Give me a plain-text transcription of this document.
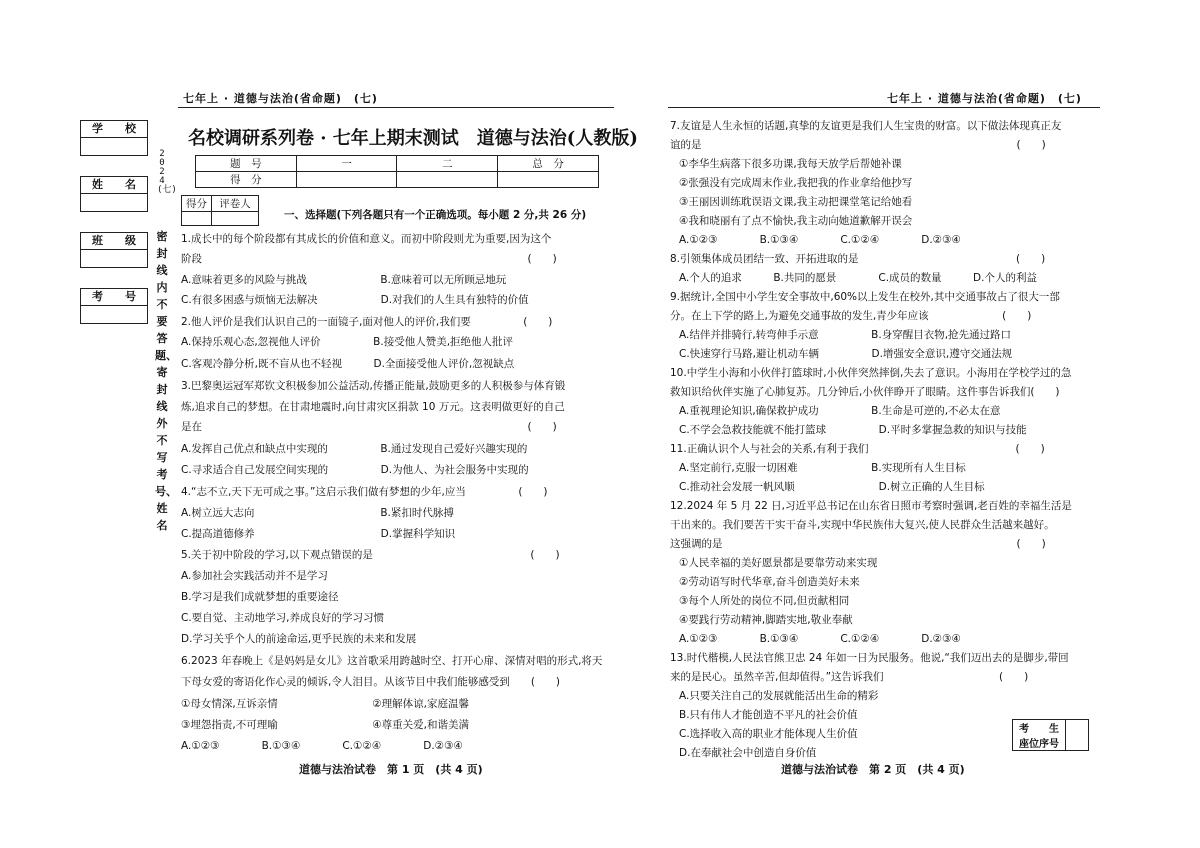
七年上 · 道德与法治(省命题)　(七)	七年上 · 道德与法治(省命题)　(七)
学　　校
姓　　名
班　　级
考　　号
2024(七)
密封线内不要答题、寄封线外不写考号、姓名
名校调研系列卷 · 七年上期末测试　道德与法治(人教版)
题　号	一	二	总　分
得　分			
得分	评卷人

一、选择题(下列各题只有一个正确选项。每小题 2 分,共 26 分)
1.成长中的每个阶段都有其成长的价值和意义。而初中阶段则尤为重要,因为这个
阶段　　　　　　　　　　　　　　　　　　　　　　　　　　　　　　　(　　)
A.意味着更多的风险与挑战　　　　　　　B.意味着可以无所顾忌地玩
C.有很多困惑与烦恼无法解决　　　　　　D.对我们的人生具有独特的价值
2.他人评价是我们认识自己的一面镜子,面对他人的评价,我们要　　　　　(　　)
A.保持乐观心态,忽视他人评价　　　　　B.接受他人赞美,拒绝他人批评
C.客观冷静分析,既不盲从也不轻视　　　D.全面接受他人评价,忽视缺点
3.巴黎奥运冠军郑钦文积极参加公益活动,传播正能量,鼓励更多的人积极参与体育锻
炼,追求自己的梦想。在甘肃地震时,向甘肃灾区捐款 10 万元。这表明做更好的自己
是在　　　　　　　　　　　　　　　　　　　　　　　　　　　　　　　(　　)
A.发挥自己优点和缺点中实现的　　　　　B.通过发现自己爱好兴趣实现的
C.寻求适合自己发展空间实现的　　　　　D.为他人、为社会服务中实现的
4.“志不立,天下无可成之事。”这启示我们做有梦想的少年,应当　　　　　(　　)
A.树立远大志向　　　　　　　　　　　　B.紧扣时代脉搏
C.提高道德修养　　　　　　　　　　　　D.掌握科学知识
5.关于初中阶段的学习,以下观点错误的是　　　　　　　　　　　　　　　(　　)
A.参加社会实践活动并不是学习
B.学习是我们成就梦想的重要途径
C.要自觉、主动地学习,养成良好的学习习惯
D.学习关乎个人的前途命运,更乎民族的未来和发展
6.2023 年春晚上《是妈妈是女儿》这首歌采用跨越时空、打开心扉、深情对唱的形式,将天
下母女爱的寄语化作心灵的倾诉,令人泪目。从该节目中我们能够感受到　　(　　)
①母女情深,互诉亲情　　　　　　　　　②理解体谅,家庭温馨
③埋怨指责,不可理喻　　　　　　　　　④尊重关爱,和谐美满
A.①②③　　　　B.①③④　　　　C.①②④　　　　D.②③④
7.友谊是人生永恒的话题,真挚的友谊更是我们人生宝贵的财富。以下做法体现真正友
谊的是　　　　　　　　　　　　　　　　　　　　　　　　　　　　　　(　　)
①李华生病落下很多功课,我每天放学后帮她补课
②张强没有完成周末作业,我把我的作业拿给他抄写
③王丽因训练耽误语文课,我主动把课堂笔记给她看
④我和晓丽有了点不愉快,我主动向她道歉解开误会
A.①②③　　　　B.①③④　　　　C.①②④　　　　D.②③④
8.引领集体成员团结一致、开拓进取的是　　　　　　　　　　　　　　　(　　)
A.个人的追求　　　B.共同的愿景　　　　C.成员的数量　　　D.个人的利益
9.据统计,全国中小学生安全事故中,60%以上发生在校外,其中交通事故占了很大一部
分。在上下学的路上,为避免交通事故的发生,青少年应该　　　　　　　(　　)
A.结伴并排骑行,转弯伸手示意　　　　　B.身穿醒目衣物,抢先通过路口
C.快速穿行马路,避让机动车辆　　　　　D.增强安全意识,遵守交通法规
10.中学生小海和小伙伴打篮球时,小伙伴突然摔倒,失去了意识。小海用在学校学过的急
救知识给伙伴实施了心肺复苏。几分钟后,小伙伴睁开了眼睛。这件事告诉我们(　　)
A.重视理论知识,确保救护成功　　　　　B.生命是可逆的,不必太在意
C.不学会急救技能就不能打篮球　　　　　D.平时多掌握急救的知识与技能
11.正确认识个人与社会的关系,有利于我们　　　　　　　　　　　　　　(　　)
A.坚定前行,克服一切困难　　　　　　　B.实现所有人生目标
C.推动社会发展一帆风顺　　　　　　　　D.树立正确的人生目标
12.2024 年 5 月 22 日,习近平总书记在山东省日照市考察时强调,老百姓的幸福生活是
干出来的。我们要苦干实干奋斗,实现中华民族伟大复兴,使人民群众生活越来越好。
这强调的是　　　　　　　　　　　　　　　　　　　　　　　　　　　　(　　)
①人民幸福的美好愿景都是要靠劳动来实现
②劳动语写时代华章,奋斗创造美好未来
③每个人所处的岗位不同,但贡献相同
④要践行劳动精神,脚踏实地,敬业奉献
A.①②③　　　　B.①③④　　　　C.①②④　　　　D.②③④
13.时代楷模,人民法官熊卫忠 24 年如一日为民服务。他说,“我们迈出去的是脚步,带回
来的是民心。虽然辛苦,但却值得。”这告诉我们　　　　　　　　　　　(　　)
A.只要关注自己的发展就能活出生命的精彩
B.只有伟人才能创造不平凡的社会价值
C.选择收入高的职业才能体现人生价值
D.在奉献社会中创造自身价值
考　　生	
座位序号
道德与法治试卷　第 1 页　(共 4 页)	道德与法治试卷　第 2 页　(共 4 页)
